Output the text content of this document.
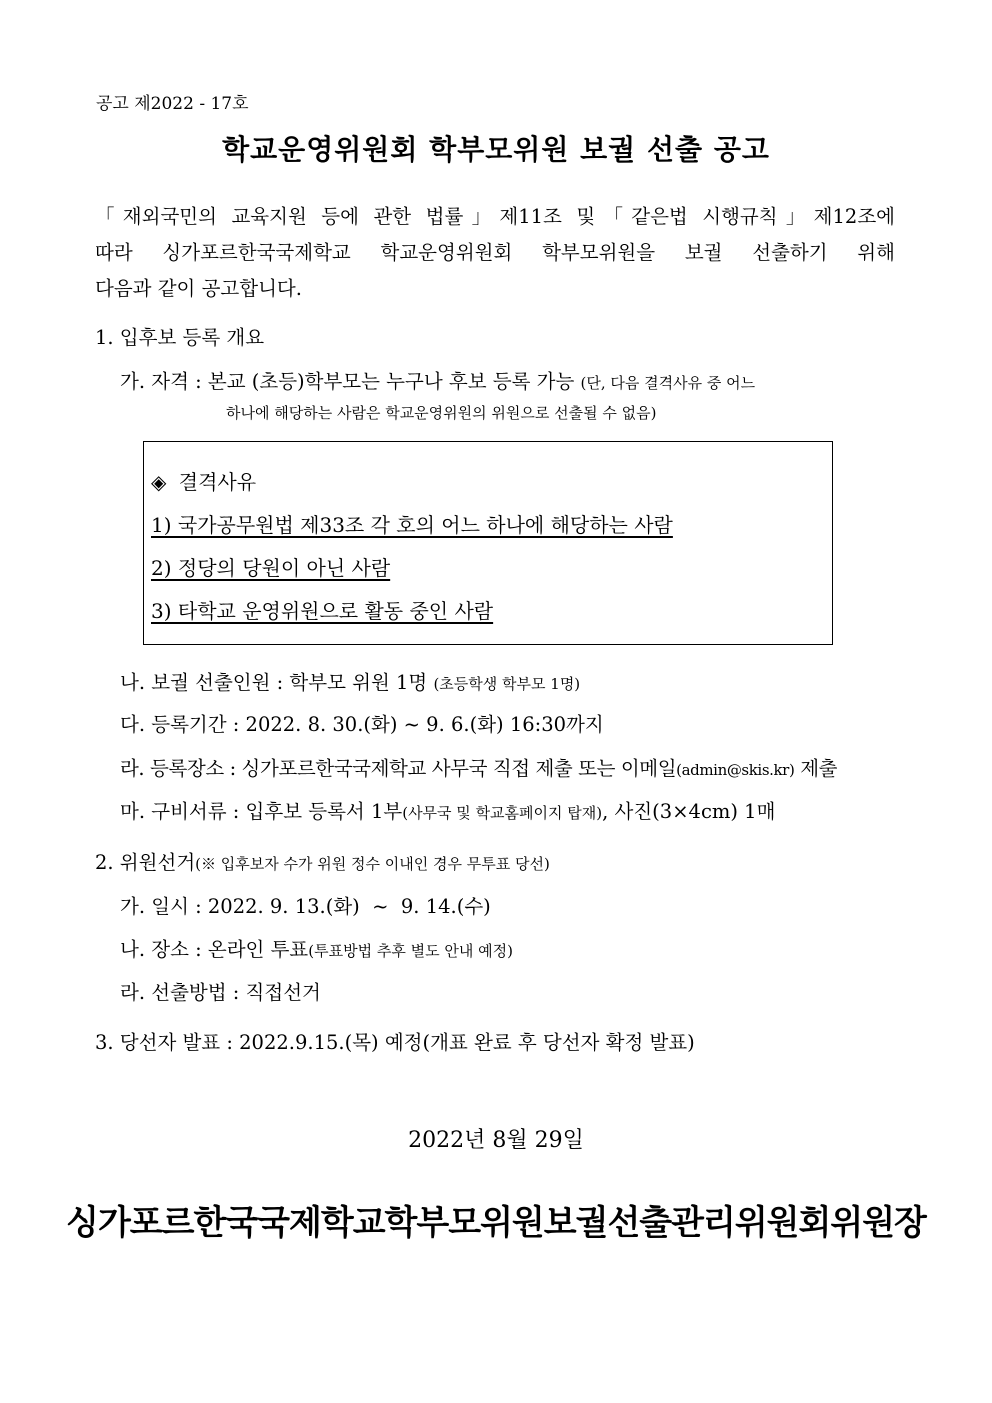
공고 제2022 - 17호
학교운영위원회 학부모위원 보궐 선출 공고
「재외국민의 교육지원 등에 관한 법률」제11조 및「같은법 시행규칙」제12조에
따라 싱가포르한국국제학교 학교운영위원회 학부모위원을 보궐 선출하기 위해
다음과 같이 공고합니다.
1. 입후보 등록 개요
가. 자격 : 본교 (초등)학부모는 누구나 후보 등록 가능 (단, 다음 결격사유 중 어느
하나에 해당하는 사람은 학교운영위원의 위원으로 선출될 수 없음)
◈ 결격사유
1) 국가공무원법 제33조 각 호의 어느 하나에 해당하는 사람
2) 정당의 당원이 아닌 사람
3) 타학교 운영위원으로 활동 중인 사람
나. 보궐 선출인원 : 학부모 위원 1명 (초등학생 학부모 1명)
다. 등록기간 : 2022. 8. 30.(화) ~ 9. 6.(화) 16:30까지
라. 등록장소 : 싱가포르한국국제학교 사무국 직접 제출 또는 이메일(admin@skis.kr) 제출
마. 구비서류 : 입후보 등록서 1부(사무국 및 학교홈페이지 탑재), 사진(3×4cm) 1매
2. 위원선거(※ 입후보자 수가 위원 정수 이내인 경우 무투표 당선)
가. 일시 : 2022. 9. 13.(화)  ~  9. 14.(수)
나. 장소 : 온라인 투표(투표방법 추후 별도 안내 예정)
라. 선출방법 : 직접선거
3. 당선자 발표 : 2022.9.15.(목) 예정(개표 완료 후 당선자 확정 발표)
2022년 8월 29일
싱가포르한국국제학교학부모위원보궐선출관리위원회위원장
